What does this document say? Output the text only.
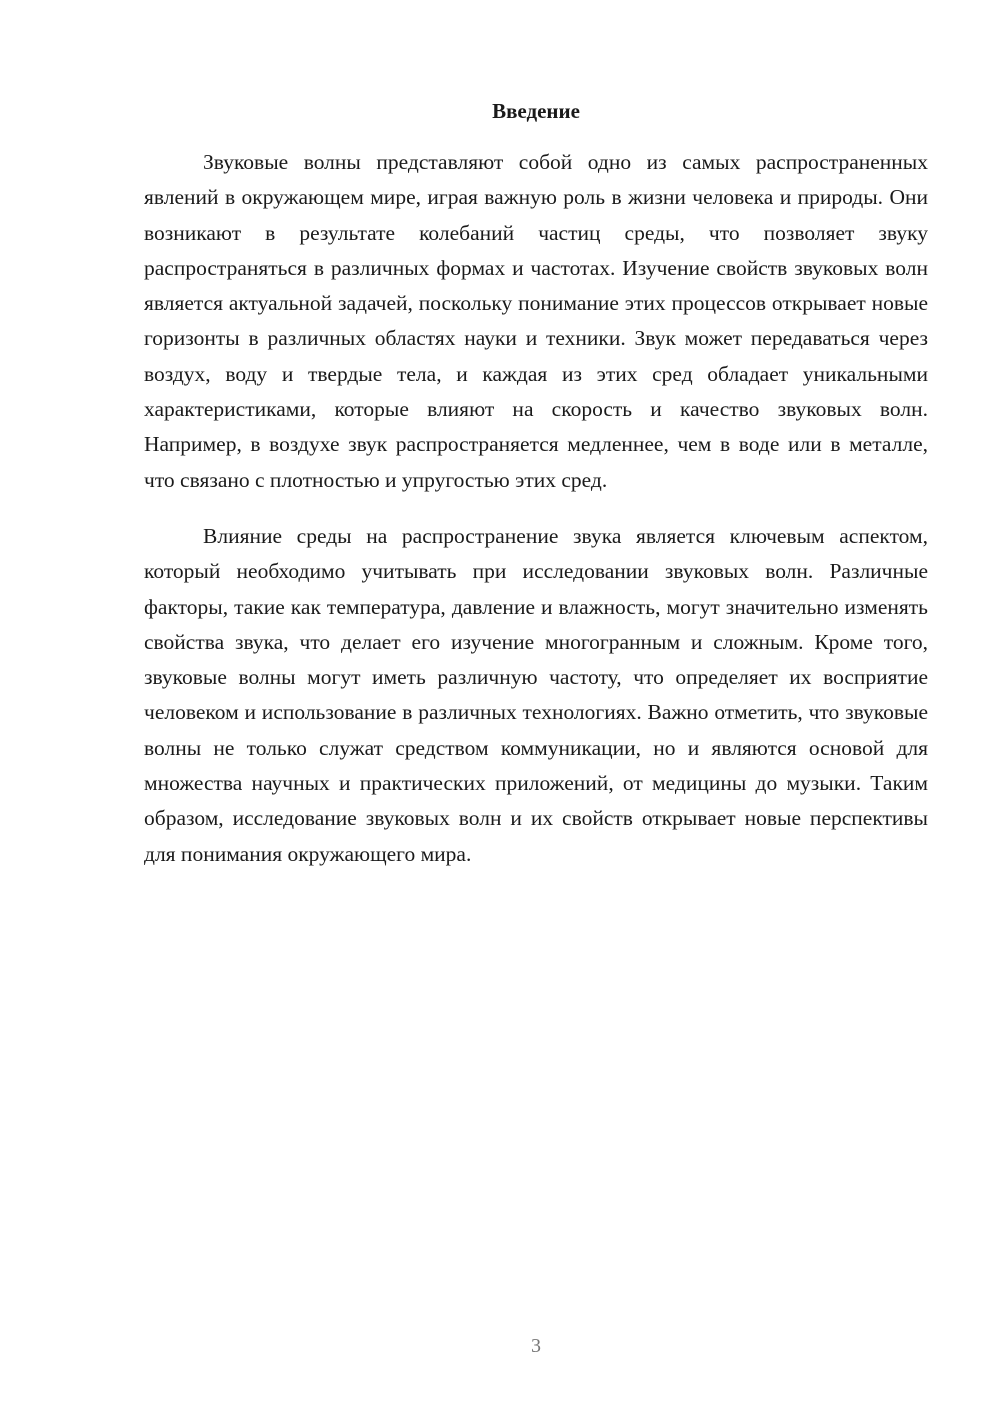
Введение

Звуковые волны представляют собой одно из самых распространенных явлений в окружающем мире, играя важную роль в жизни человека и природы. Они возникают в результате колебаний частиц среды, что позволяет звуку распространяться в различных формах и частотах. Изучение свойств звуковых волн является актуальной задачей, поскольку понимание этих процессов открывает новые горизонты в различных областях науки и техники. Звук может передаваться через воздух, воду и твердые тела, и каждая из этих сред обладает уникальными характеристиками, которые влияют на скорость и качество звуковых волн. Например, в воздухе звук распространяется медленнее, чем в воде или в металле, что связано с плотностью и упругостью этих сред.

Влияние среды на распространение звука является ключевым аспектом, который необходимо учитывать при исследовании звуковых волн. Различные факторы, такие как температура, давление и влажность, могут значительно изменять свойства звука, что делает его изучение многогранным и сложным. Кроме того, звуковые волны могут иметь различную частоту, что определяет их восприятие человеком и использование в различных технологиях. Важно отметить, что звуковые волны не только служат средством коммуникации, но и являются основой для множества научных и практических приложений, от медицины до музыки. Таким образом, исследование звуковых волн и их свойств открывает новые перспективы для понимания окружающего мира.

3
